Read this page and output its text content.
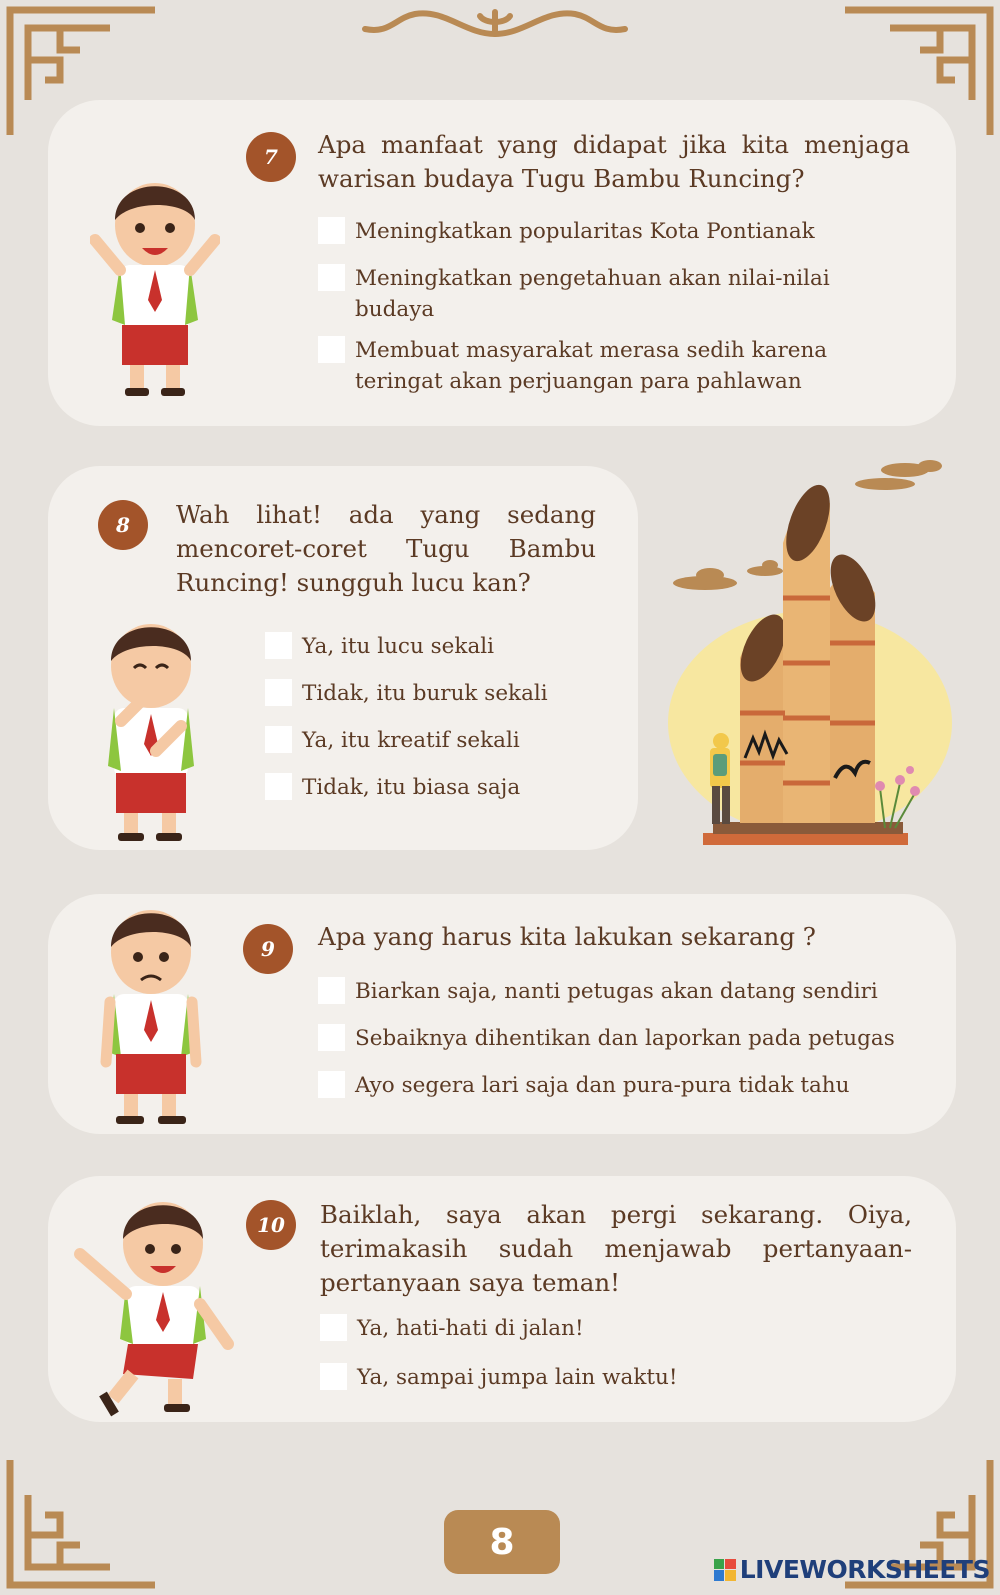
7	Apa manfaat yang didapat jika kita menjaga warisan budaya Tugu Bambu Runcing?
Meningkatkan popularitas Kota Pontianak
Meningkatkan pengetahuan akan nilai-nilai budaya
Membuat masyarakat merasa sedih karena teringat akan perjuangan para pahlawan
8	Wah lihat! ada yang sedang mencoret-coret Tugu Bambu Runcing! sungguh lucu kan?
Ya, itu lucu sekali
Tidak, itu buruk sekali
Ya, itu kreatif sekali
Tidak, itu biasa saja
9	Apa yang harus kita lakukan sekarang ?
Biarkan saja, nanti petugas akan datang sendiri
Sebaiknya dihentikan dan laporkan pada petugas
Ayo segera lari saja dan pura-pura tidak tahu
10	Baiklah, saya akan pergi sekarang. Oiya, terimakasih sudah menjawab pertanyaan-pertanyaan saya teman!
Ya, hati-hati di jalan!
Ya, sampai jumpa lain waktu!
8
LIVEWORKSHEETS
